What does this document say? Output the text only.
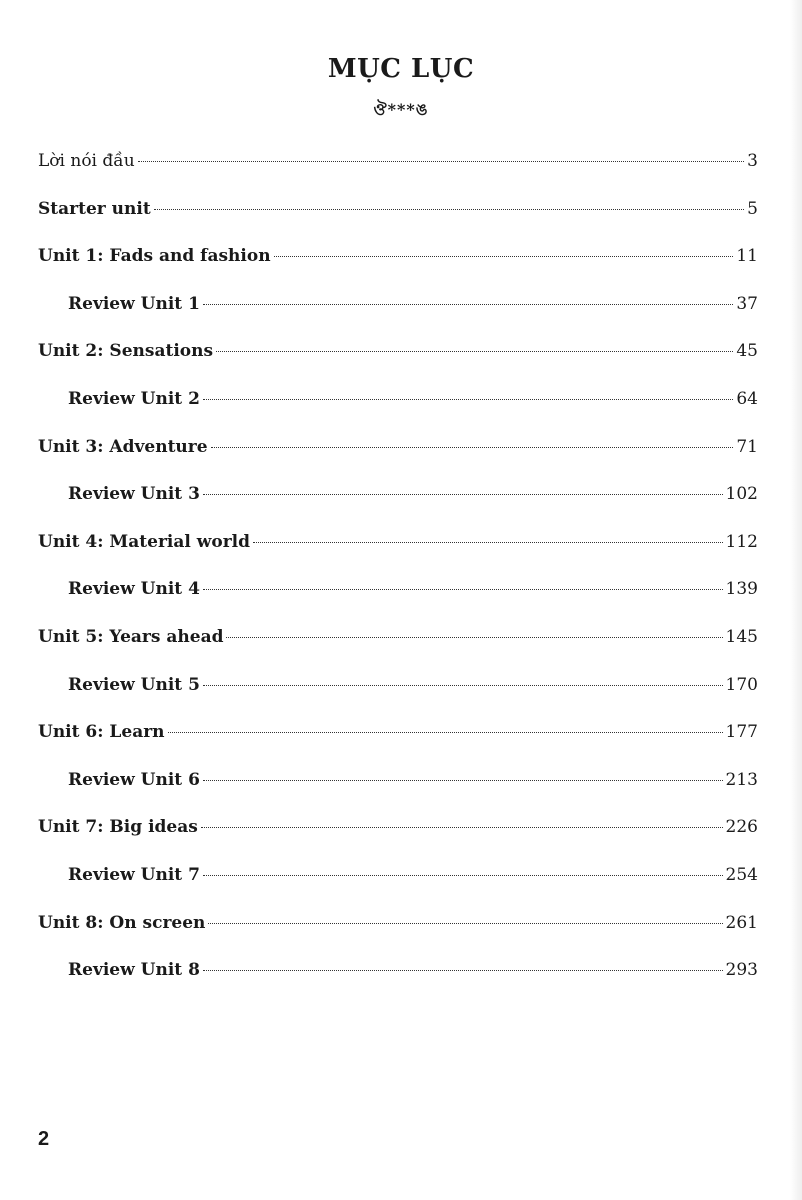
MỤC LỤC
ঔ***ঙ
Lời nói đầu	3
Starter unit	5
Unit 1: Fads and fashion	11
Review Unit 1	37
Unit 2: Sensations	45
Review Unit 2	64
Unit 3: Adventure	71
Review Unit 3	102
Unit 4: Material world	112
Review Unit 4	139
Unit 5: Years ahead	145
Review Unit 5	170
Unit 6: Learn	177
Review Unit 6	213
Unit 7: Big ideas	226
Review Unit 7	254
Unit 8: On screen	261
Review Unit 8	293
2
